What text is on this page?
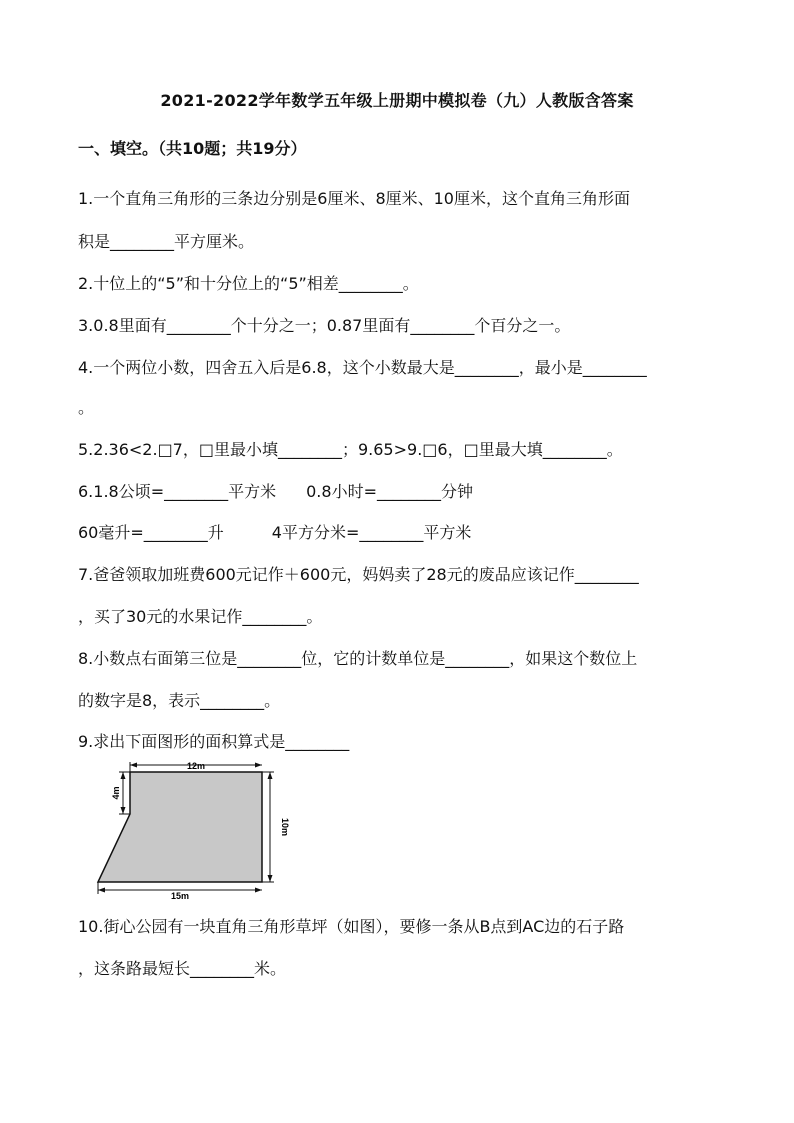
2021-2022学年数学五年级上册期中模拟卷（九）人教版含答案
一、填空。（共10题；共19分）
1.一个直角三角形的三条边分别是6厘米、8厘米、10厘米，这个直角三角形面
积是________平方厘米。
2.十位上的“5”和十分位上的“5”相差________。
3.0.8里面有________个十分之一；0.87里面有________个百分之一。
4.一个两位小数，四舍五入后是6.8，这个小数最大是________，最小是________
。
5.2.36<2.□7，□里最小填________；9.65>9.□6，□里最大填________。
6.1.8公顷=________平方米 0.8小时=________分钟
60毫升=________升	4平方分米=________平方米
7.爸爸领取加班费600元记作＋600元，妈妈卖了28元的废品应该记作________
，买了30元的水果记作________。
8.小数点右面第三位是________位，它的计数单位是________，如果这个数位上
的数字是8，表示________。
9.求出下面图形的面积算式是________
12m
4m
10m
15m
10.街心公园有一块直角三角形草坪（如图），要修一条从B点到AC边的石子路
，这条路最短长________米。
